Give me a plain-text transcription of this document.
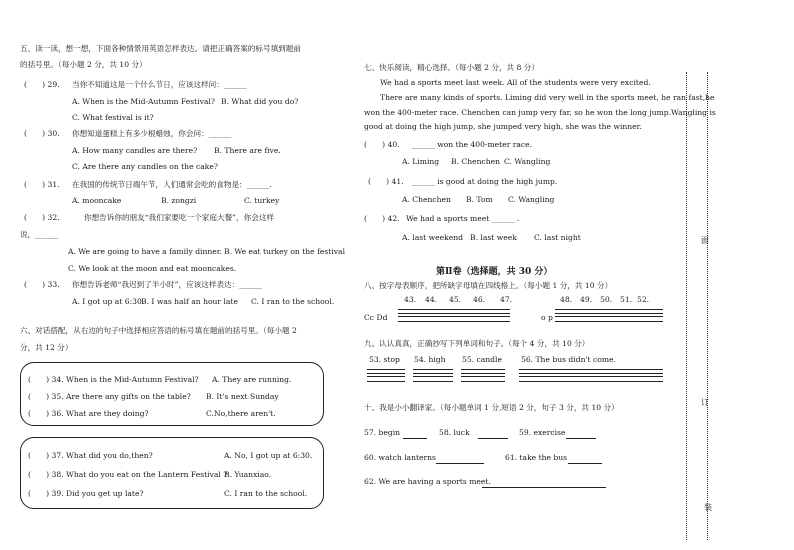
五、读一读，想一想，下面各种情景用英语怎样表达。请把正确答案的标号填到题前
的括号里。（每小题 2 分，共 10 分）
(　　) 29. 当你不知道这是一个什么节日，应该这样问：______
A. When is the Mid-Autumn Festival? B. What did you do?
C. What festival is it?
(　　) 30. 你想知道蛋糕上有多少根蜡烛，你会问：______
A. How many candles are there? B. There are five.
C. Are there any candles on the cake?
(　　) 31. 在我国的传统节日端午节，人们通常会吃的食物是：______.
A. mooncake	B. zongzi	C. turkey
(　　) 32.	你想告诉你的朋友“我们家要吃一个家庭大餐”，你会这样
说，______
A. We are going to have a family dinner. B. We eat turkey on the festival
C. We look at the moon and eat mooncakes.
(　　) 33. 你想告诉老师“我迟到了半小时”，应该这样表达：______
A. I got up at 6:30.
B. I was half an hour late C. I ran to the school.
六、对话搭配，从右边的句子中选择相应答语的标号填在题前的括号里。（每小题 2
分，共 12 分）
(　　) 34. When is the Mid-Autumn Festival? A. They are running.
(　　) 35. Are there any gifts on the table? B. It's next Sunday
(　　) 36. What are they doing?	C.No,there aren't.
(　　) 37. What did you do,then?	A. No, I got up at 6:30.
(　　) 38. What do you eat on the Lantern Festival ?
B. Yuanxiao.
(　　) 39. Did you get up late?	C. I ran to the school.
七、快乐阅读，精心选择。（每小题 2 分，共 8 分）
We had a sports meet last week. All of the students were very excited.
There are many kinds of sports. Liming did very well in the sports meet, he ran fast,he
won the 400-meter race. Chenchen can jump very far, so he won the long jump.Wangling is
good at doing the high jump, she jumped very high, she was the winner.
(　　) 40. ______ won the 400-meter race.
A. Liming B. Chenchen C. Wangling
(　　) 41. ______ is good at doing the high jump.
A. Chenchen B. Tom C. Wangling
(　　) 42. We had a sports meet ______ .
A. last weekend B. last week C. last night
第Ⅱ卷（选择题，共 30 分）
八、按字母表顺序，把所缺字母填在四线格上。（每小题 1 分，共 10 分）
43. 44. 45. 46. 47.	48. 49. 50. 51. 52.
Cc Dd	o p
九、认认真真，正确抄写下列单词和句子。（每个 4 分，共 10 分）
53. stop 54. high 55. candle	56. The bus didn't come.
十、我是小小翻译家。（每小题单词 1 分,短语 2 分，句子 3 分，共 10 分）
57. begin	58. luck	59. exercise
60. watch lanterns	61. take the bus
62. We are having a sports meet.
面
订
装
